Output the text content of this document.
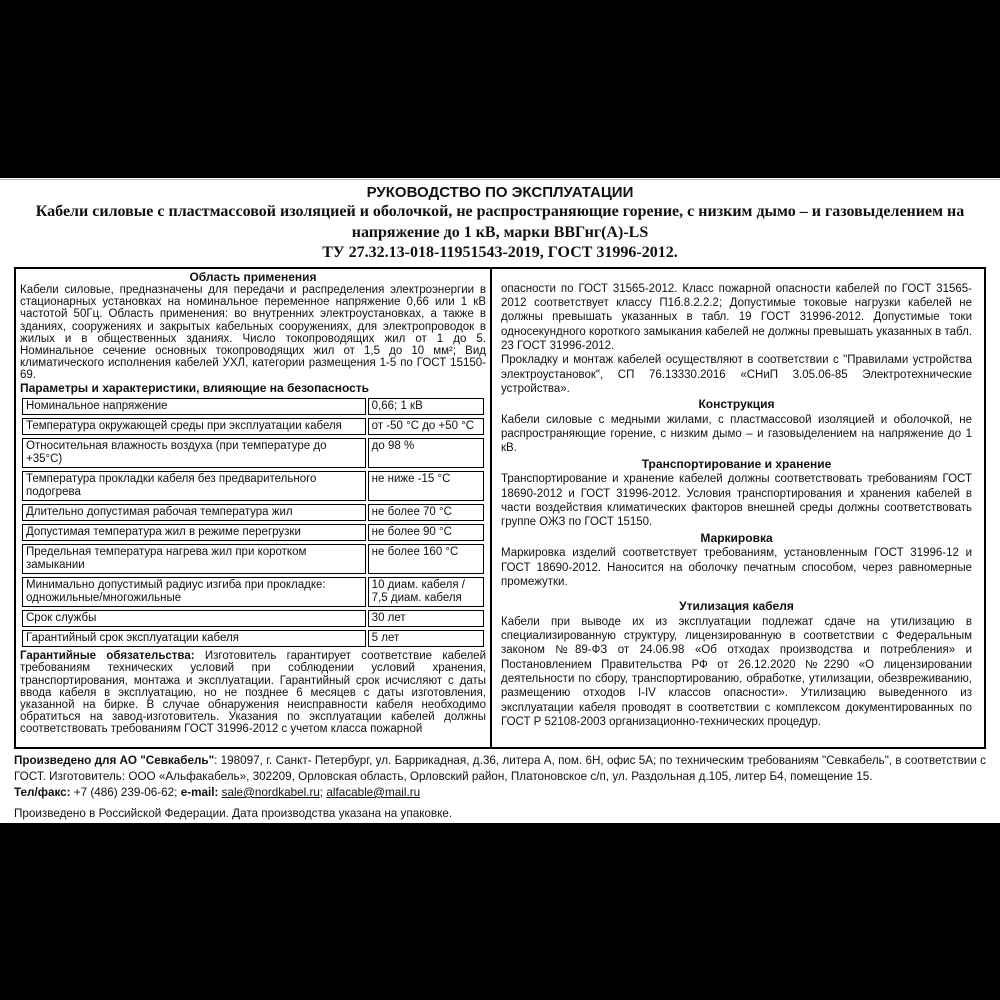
РУКОВОДСТВО ПО ЭКСПЛУАТАЦИИ
Кабели силовые с пластмассовой изоляцией и оболочкой, не распространяющие горение, с низким дымо – и газовыделением на
напряжение до 1 кВ, марки ВВГнг(А)-LS
ТУ 27.32.13-018-11951543-2019, ГОСТ 31996-2012.
Область применения

Кабели силовые, предназначены для передачи и распределения электроэнергии в стационарных установках на номинальное переменное напряжение 0,66 или 1 кВ частотой 50Гц. Область применения: во внутренних электроустановках, а также в зданиях, сооружениях и закрытых кабельных сооружениях, для электропроводок в жилых и в общественных зданиях. Число токопроводящих жил от 1 до 5. Номинальное сечение основных токопроводящих жил от 1,5 до 10 мм²; Вид климатического исполнения кабелей УХЛ, категории размещения 1-5 по ГОСТ 15150-69.

Параметры и характеристики, влияющие на безопасность
Номинальное напряжение	0,66; 1 кВ
Температура окружающей среды при эксплуатации кабеля	от -50 °С до +50 °С
Относительная влажность воздуха (при температуре до +35°С)	до 98 %
Температура прокладки кабеля без предварительного подогрева	не ниже -15 °С
Длительно допустимая рабочая температура жил	не более 70 °С
Допустимая температура жил в режиме перегрузки	не более 90 °С
Предельная температура нагрева жил при коротком замыкании	не более 160 °С
Минимально допустимый радиус изгиба при прокладке: одножильные/многожильные	10 диам. кабеля / 7,5 диам. кабеля
Срок службы	30 лет
Гарантийный срок эксплуатации кабеля	5 лет

Гарантийные обязательства: Изготовитель гарантирует соответствие кабелей требованиям технических условий при соблюдении условий хранения, транспортирования, монтажа и эксплуатации. Гарантийный срок исчисляют с даты ввода кабеля в эксплуатацию, но не позднее 6 месяцев с даты изготовления, указанной на бирке. В случае обнаружения неисправности кабеля необходимо обратиться на завод-изготовитель. Указания по эксплуатации кабелей должны соответствовать требованиям ГОСТ 31996-2012 с учетом класса пожарной

опасности по ГОСТ 31565-2012. Класс пожарной опасности кабелей по ГОСТ 31565-2012 соответствует классу П1б.8.2.2.2; Допустимые токовые нагрузки кабелей не должны превышать указанных в табл. 19 ГОСТ 31996-2012. Допустимые токи односекундного короткого замыкания кабелей не должны превышать указанных в табл. 23 ГОСТ 31996-2012.

Прокладку и монтаж кабелей осуществляют в соответствии с "Правилами устройства электроустановок", СП 76.13330.2016 «СНиП 3.05.06-85 Электротехнические устройства».

Конструкция

Кабели силовые с медными жилами, с пластмассовой изоляцией и оболочкой, не распространяющие горение, с низким дымо – и газовыделением на напряжение до 1 кВ.

Транспортирование и хранение

Транспортирование и хранение кабелей должны соответствовать требованиям ГОСТ 18690-2012 и ГОСТ 31996-2012. Условия транспортирования и хранения кабелей в части воздействия климатических факторов внешней среды должны соответствовать группе ОЖЗ по ГОСТ 15150.

Маркировка

Маркировка изделий соответствует требованиям, установленным ГОСТ 31996-12 и ГОСТ 18690-2012. Наносится на оболочку печатным способом, через равномерные промежутки.

Утилизация кабеля

Кабели при выводе их из эксплуатации подлежат сдаче на утилизацию в специализированную структуру, лицензированную в соответствии с Федеральным законом №89-ФЗ от 24.06.98 «Об отходах производства и потребления» и Постановлением Правительства РФ от 26.12.2020 №2290 «О лицензировании деятельности по сбору, транспортированию, обработке, утилизации, обезвреживанию, размещению отходов I-IV классов опасности». Утилизацию выведенного из эксплуатации кабеля проводят в соответствии с комплексом документированных по ГОСТ Р 52108-2003 организационно-технических процедур.

Произведено для АО "Севкабель": 198097, г. Санкт- Петербург, ул. Баррикадная, д.36, литера А, пом. 6Н, офис 5А; по техническим требованиям "Севкабель", в соответствии с ГОСТ. Изготовитель: ООО «Альфакабель», 302209, Орловская область, Орловский район, Платоновское с/п, ул. Раздольная д.105, литер Б4, помещение 15.

Тел/факс: +7 (486) 239-06-62; e-mail: sale@nordkabel.ru; alfacable@mail.ru

Произведено в Российской Федерации. Дата производства указана на упаковке.
